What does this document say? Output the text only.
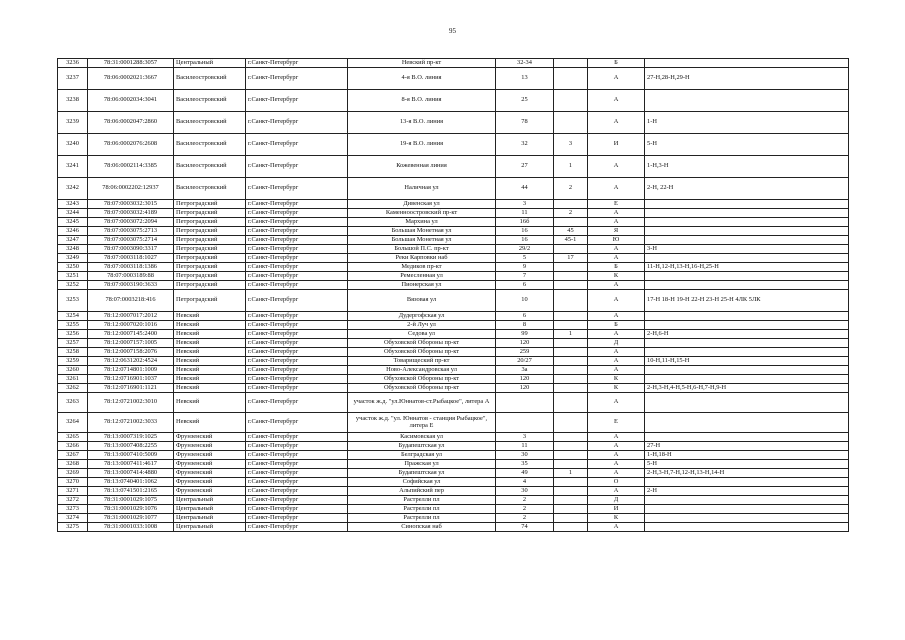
95
3236	78:31:0001288:3057	Центральный	г.Санкт-Петербург	Невский пр-кт	32-34		Б	
3237	78:06:0002021:3667	Василеостровский	г.Санкт-Петербург	4-я В.О. линия	13		А	27-Н,28-Н,29-Н
3238	78:06:0002034:3041	Василеостровский	г.Санкт-Петербург	8-я В.О. линия	25		А	
3239	78:06:0002047:2860	Василеостровский	г.Санкт-Петербург	13-я В.О. линия	78		А	1-Н
3240	78:06:0002076:2608	Василеостровский	г.Санкт-Петербург	19-я В.О. линия	32	3	И	5-Н
3241	78:06:0002114:3385	Василеостровский	г.Санкт-Петербург	Кожевенная линия	27	1	А	1-Н,3-Н
3242	78:06:0002202:12937	Василеостровский	г.Санкт-Петербург	Наличная ул	44	2	А	2-Н, 22-Н
3243	78:07:0003032:3015	Петроградский	г.Санкт-Петербург	Дивенская ул	3		Е	
3244	78:07:0003032:4189	Петроградский	г.Санкт-Петербург	Каменноостровский пр-кт	11	2	А	
3245	78:07:0003072:2094	Петроградский	г.Санкт-Петербург	Мархина ул	16б		А	
3246	78:07:0003075:2713	Петроградский	г.Санкт-Петербург	Большая Монетная ул	16	45	Я	
3247	78:07:0003075:2714	Петроградский	г.Санкт-Петербург	Большая Монетная ул	16	45-1	Ю	
3248	78:07:0003090:3317	Петроградский	г.Санкт-Петербург	Большой П.С. пр-кт	29/2		А	3-Н
3249	78:07:0003118:1027	Петроградский	г.Санкт-Петербург	Реки Карповки наб	5	17	А	
3250	78:07:0003118:1386	Петроградский	г.Санкт-Петербург	Медиков пр-кт	9		Б	11-Н,12-Н,13-Н,16-Н,25-Н
3251	78:07:0003189:88	Петроградский	г.Санкт-Петербург	Ремесленная ул	7		К	
3252	78:07:0003190:3633	Петроградский	г.Санкт-Петербург	Пионерская ул	6		А	
3253	78:07:0003218:416	Петроградский	г.Санкт-Петербург	Вязовая ул	10		А	17-Н 18-Н 19-Н 22-Н 23-Н 25-Н 4ЛК 5ЛК
3254	78:12:0007017:2012	Невский	г.Санкт-Петербург	Дудергофская ул	6		А	
3255	78:12:0007020:1016	Невский	г.Санкт-Петербург	2-й Луч ул	8		Б	
3256	78:12:0007145:2400	Невский	г.Санкт-Петербург	Седова ул	99	1	А	2-Н,6-Н
3257	78:12:0007157:1005	Невский	г.Санкт-Петербург	Обуховской Обороны пр-кт	120		Д	
3258	78:12:0007158:2076	Невский	г.Санкт-Петербург	Обуховской Обороны пр-кт	259		А	
3259	78:12:0631202:4524	Невский	г.Санкт-Петербург	Товарищеский пр-кт	20/27		А	10-Н,11-Н,15-Н
3260	78:12:0714801:1009	Невский	г.Санкт-Петербург	Ново-Александровская ул	3а		А	
3261	78:12:0716901:1037	Невский	г.Санкт-Петербург	Обуховской Обороны пр-кт	120		К	
3262	78:12:0716901:1121	Невский	г.Санкт-Петербург	Обуховской Обороны пр-кт	120		К	2-Н,3-Н,4-Н,5-Н,6-Н,7-Н,9-Н
3263	78:12:0721002:3010	Невский	г.Санкт-Петербург	участок ж.д. "ул.Юннатов-ст.Рыбацкое", литера А			А	
3264	78:12:0721002:3033	Невский	г.Санкт-Петербург	участок ж.д. "ул. Юннатов - станция Рыбацкое", литера Е			Е	
3265	78:13:0007319:1025	Фрунзенский	г.Санкт-Петербург	Касимовская ул	3		А	
3266	78:13:0007408:2255	Фрунзенский	г.Санкт-Петербург	Будапештская ул	11		А	27-Н
3267	78:13:0007410:5009	Фрунзенский	г.Санкт-Петербург	Белградская ул	30		А	1-Н,18-Н
3268	78:13:0007411:4617	Фрунзенский	г.Санкт-Петербург	Пражская ул	35		А	5-Н
3269	78:13:0007414:4880	Фрунзенский	г.Санкт-Петербург	Будапештская ул	49	1	А	2-Н,3-Н,7-Н,12-Н,13-Н,14-Н
3270	78:13:0740401:1062	Фрунзенский	г.Санкт-Петербург	Софийская ул	4		О	
3271	78:13:0741501:2165	Фрунзенский	г.Санкт-Петербург	Альпийский пер	30		А	2-Н
3272	78:31:0001029:1075	Центральный	г.Санкт-Петербург	Растрелли пл	2		Д	
3273	78:31:0001029:1076	Центральный	г.Санкт-Петербург	Растрелли пл	2		И	
3274	78:31:0001029:1077	Центральный	г.Санкт-Петербург	Растрелли пл	2		К	
3275	78:31:0001033:1008	Центральный	г.Санкт-Петербург	Синопская наб	74		А	
